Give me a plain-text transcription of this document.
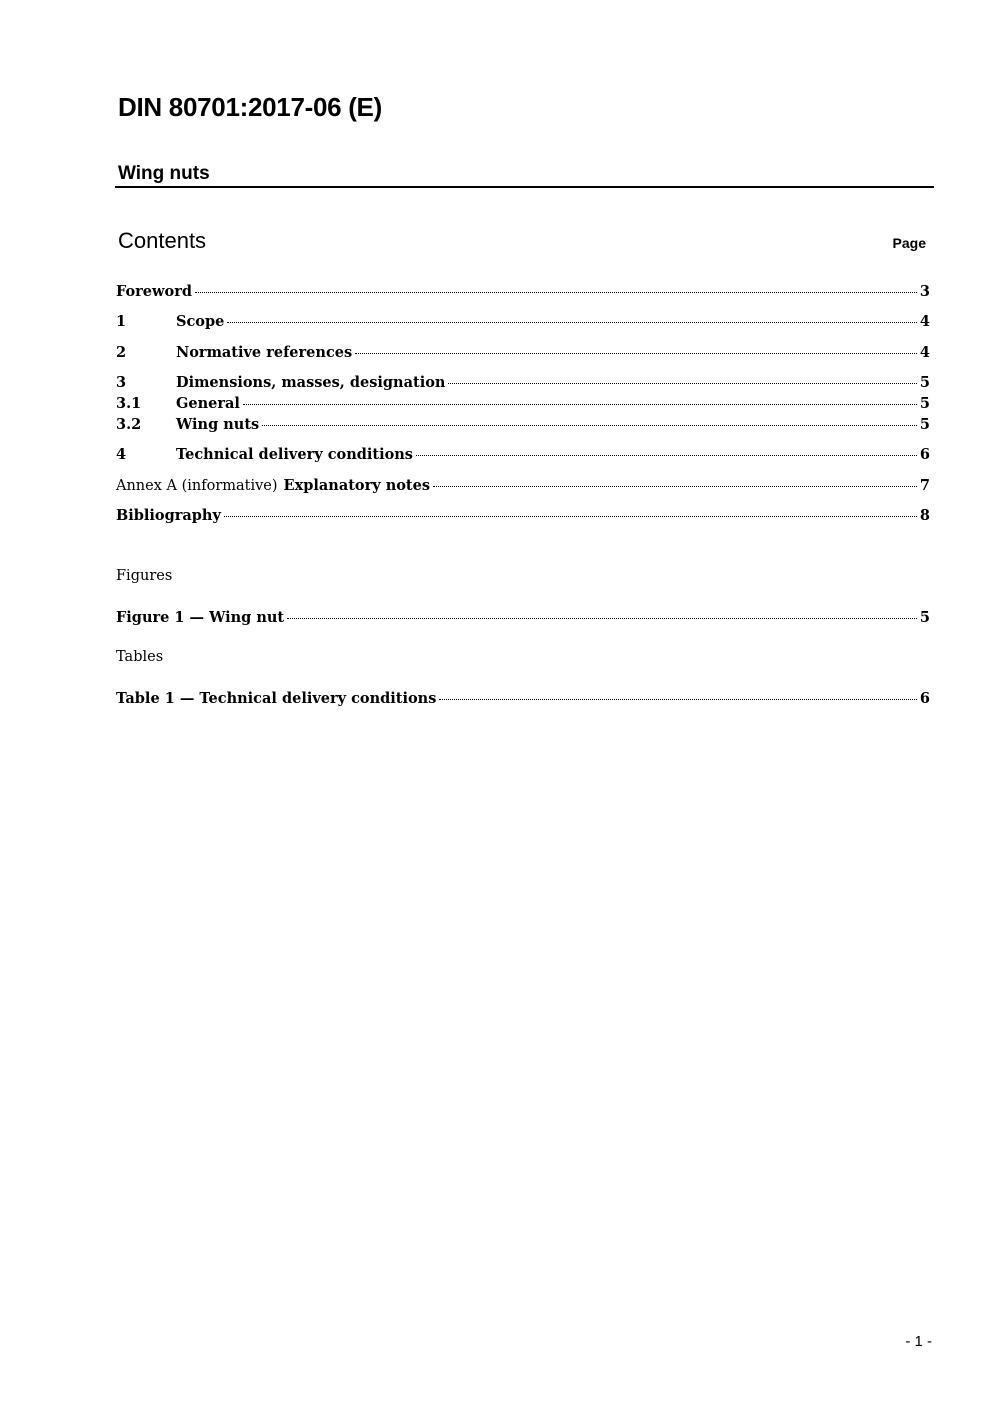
DIN 80701:2017-06 (E)
Wing nuts
Contents	Page
Foreword	3
1	Scope	4
2	Normative references	4
3	Dimensions, masses, designation	5
3.1	General	5
3.2	Wing nuts	5
4	Technical delivery conditions	6
Annex A (informative) Explanatory notes	7
Bibliography	8
Figure 1 — Wing nut	5
Table 1 — Technical delivery conditions	6
Figures
Tables
- 1 -
